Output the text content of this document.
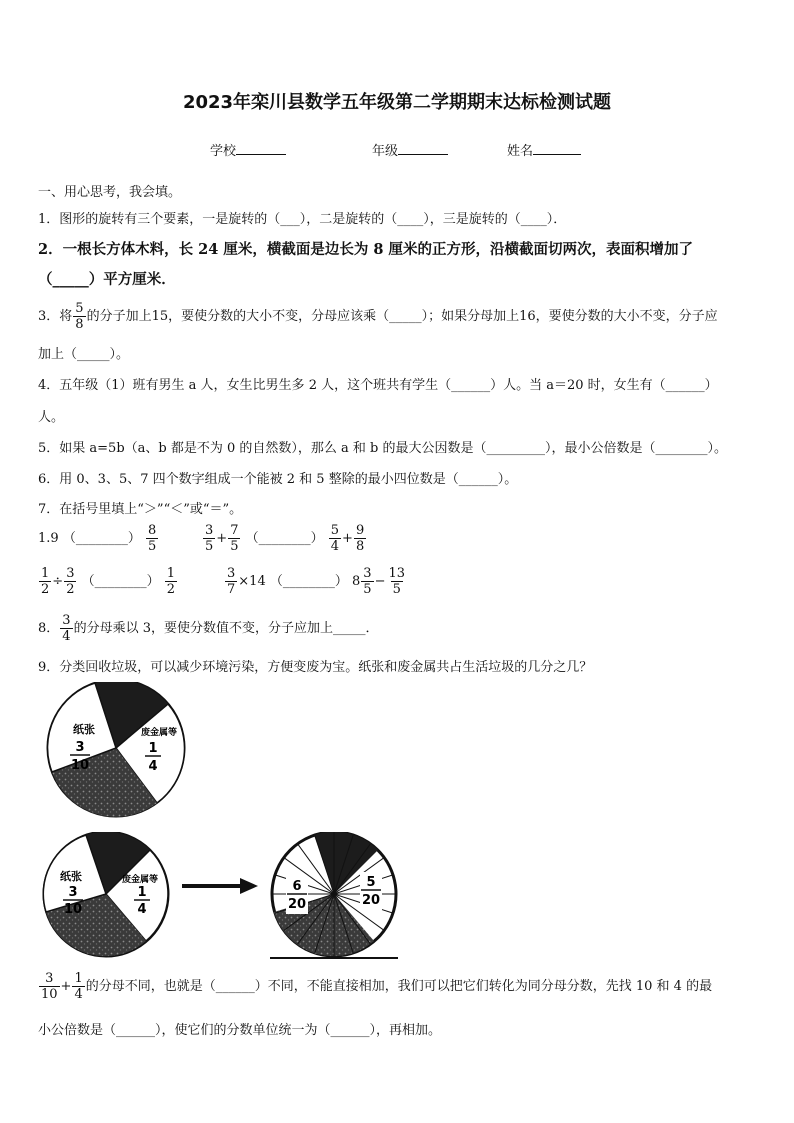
2023年栾川县数学五年级第二学期期末达标检测试题
学校	年级	姓名
一、用心思考，我会填。
1．图形的旋转有三个要素，一是旋转的（___），二是旋转的（____），三是旋转的（____）．
2．一根长方体木料，长 24 厘米，横截面是边长为 8 厘米的正方形，沿横截面切两次，表面积增加了
（_____）平方厘米．
3．将 $\frac{5}{8}$ 的分子加上15，要使分数的大小不变，分母应该乘（_____）；如果分母加上16，要使分数的大小不变，分子应
加上（_____）。
4．五年级（1）班有男生 a 人，女生比男生多 2 人，这个班共有学生（______）人。当 a＝20 时，女生有（______）
人。
5．如果 a=5b（a、b 都是不为 0 的自然数），那么 a 和 b 的最大公因数是（_________），最小公倍数是（________）。
6．用 0、3、5、7 四个数字组成一个能被 2 和 5 整除的最小四位数是（______）。
7．在括号里填上“＞”“＜”或“＝”。
1.9 （________） $\frac{8}{5}$	$\frac{3}{5} + \frac{7}{5}$ （________） $\frac{5}{4} + \frac{9}{8}$
$\frac{1}{2} \div \frac{3}{2}$ （________） $\frac{1}{2}$	$\frac{3}{7} \times 14$ （________） $8 \frac{3}{5} - \frac{13}{5}$
8． $\frac{3}{4}$ 的分母乘以 3，要使分数值不变，分子应加上_____．
9．分类回收垃圾，可以减少环境污染，方便变废为宝。纸张和废金属共占生活垃圾的几分之几？
纸张
3
10
废金属等
1
4
纸张
3
10
废金属等
1
4
6
20
5
20
$\frac{3}{10} + \frac{1}{4}$ 的分母不同，也就是（______）不同，不能直接相加，我们可以把它们转化为同分母分数，先找 10 和 4 的最
小公倍数是（______），使它们的分数单位统一为（______），再相加。
